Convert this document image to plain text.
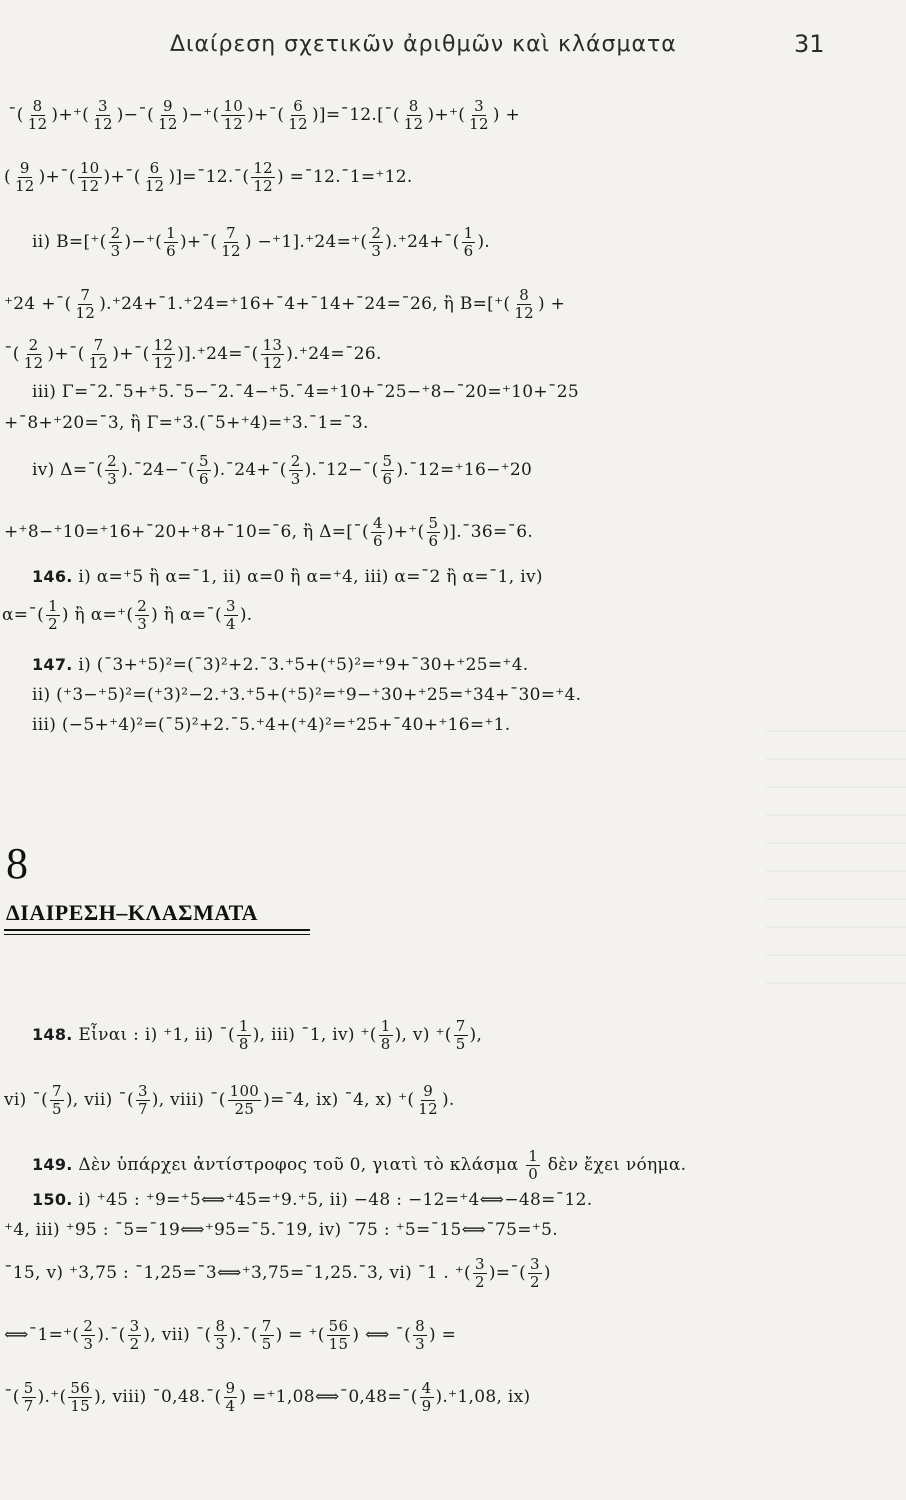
Διαίρεση σχετικῶν ἀριθμῶν καὶ κλάσματα	31
¯( $\frac{8}{12}$ )+⁺( $\frac{3}{12}$ )−¯( $\frac{9}{12}$ )−⁺( $\frac{10}{12}$ )+¯( $\frac{6}{12}$ )]=¯12.[¯( $\frac{8}{12}$ )+⁺( $\frac{3}{12}$ ) +
( $\frac{9}{12}$ )+¯( $\frac{10}{12}$ )+¯( $\frac{6}{12}$ )]=¯12.¯( $\frac{12}{12}$ ) =¯12.¯1=⁺12.
ii) $B=[^+( \frac{2}{3}$ )−⁺( $\frac{1}{6}$ )+¯( $\frac{7}{12}$ ) $-^+1].^+24=^+( \frac{2}{3}$ ).⁺24+¯( $\frac{1}{6}$ ).
⁺24 +¯( $\frac{7}{12}$ ).⁺24+¯1.⁺24=⁺16+¯4+¯14+¯24=¯26, ἢ $B=[^+( \frac{8}{12}$ ) +
¯( $\frac{2}{12}$ )+¯( $\frac{7}{12}$ )+¯( $\frac{12}{12}$ )].⁺24=¯( $\frac{13}{12}$ ).⁺24=¯26.
iii) Γ=¯2.¯5+⁺5.¯5−¯2.¯4−⁺5.¯4=⁺10+¯25−⁺8−¯20=⁺10+¯25
+¯8+⁺20=¯3, ἢ Γ=⁺3.(¯5+⁺4)=⁺3.¯1=¯3.
iv) Δ=¯( $\frac{2}{3}$ ).¯24−¯( $\frac{5}{6}$ ).¯24+¯( $\frac{2}{3}$ ).¯12−¯( $\frac{5}{6}$ ).¯12=⁺16−⁺20
+⁺8−⁺10=⁺16+¯20+⁺8+¯10=¯6, ἢ Δ=[¯( $\frac{4}{6}$ )+⁺( $\frac{5}{6}$ )].¯36=¯6.
146. i) α=⁺5 ἢ α=¯1, ii) α=0 ἢ α=⁺4, iii) α=¯2 ἢ α=¯1, iv)
α=¯( $\frac{1}{2}$ ) ἢ $\alpha=^+( \frac{2}{3}$ ) ἢ α=¯( $\frac{3}{4}$ ).
147. i) (¯3+⁺5)²=(¯3)²+2.¯3.⁺5+(⁺5)²=⁺9+¯30+⁺25=⁺4.
ii) (⁺3−⁺5)²=(⁺3)²−2.⁺3.⁺5+(⁺5)²=⁺9−⁺30+⁺25=⁺34+¯30=⁺4.
iii) (−5+⁺4)²=(¯5)²+2.¯5.⁺4+(⁺4)²=⁺25+¯40+⁺16=⁺1.
148. Εἶναι : i) ⁺1, ii) ¯( $\frac{1}{8}$ ), iii) ¯1, iv) ⁺( $\frac{1}{8}$ ), v) ⁺( $\frac{7}{5}$ ),
vi) ¯( $\frac{7}{5}$ ), vii) ¯( $\frac{3}{7}$ ), viii) ¯( $\frac{100}{25}$ )=¯4, ix) ¯4, x) ⁺( $\frac{9}{12}$ ).
149. Δὲν ὑπάρχει ἀντίστροφος τοῦ 0, γιατὶ τὸ κλάσμα $\frac{1}{0}$ δὲν ἔχει νόημα.
150. i) ⁺45 : ⁺9=⁺5⟺⁺45=⁺9.⁺5, ii) −48 : −12=⁺4⟺−48=¯12.
⁺4, iii) ⁺95 : ¯5=¯19⟺⁺95=¯5.¯19, iv) ¯75 : ⁺5=¯15⟺¯75=⁺5.
¯15, v) ⁺3,75 : ¯1,25=¯3⟺⁺3,75=¯1,25.¯3, vi) ¯1 . ⁺( $\frac{3}{2}$ )=¯( $\frac{3}{2}$ )
⟺¯1=⁺( $\frac{2}{3}$ ).¯( $\frac{3}{2}$ ), vii) ¯( $\frac{8}{3}$ ).¯( $\frac{7}{5}$ ) = ⁺( $\frac{56}{15}$ ) ⟺ ¯( $\frac{8}{3}$ ) =
¯( $\frac{5}{7}$ ).⁺( $\frac{56}{15}$ ), viii) ¯0,48.¯( $\frac{9}{4}$ ) =⁺1,08⟺¯0,48=¯( $\frac{4}{9} ).^+1,08$, ix)
8
ΔΙΑΙΡΕΣΗ–ΚΛΑΣΜΑΤΑ
